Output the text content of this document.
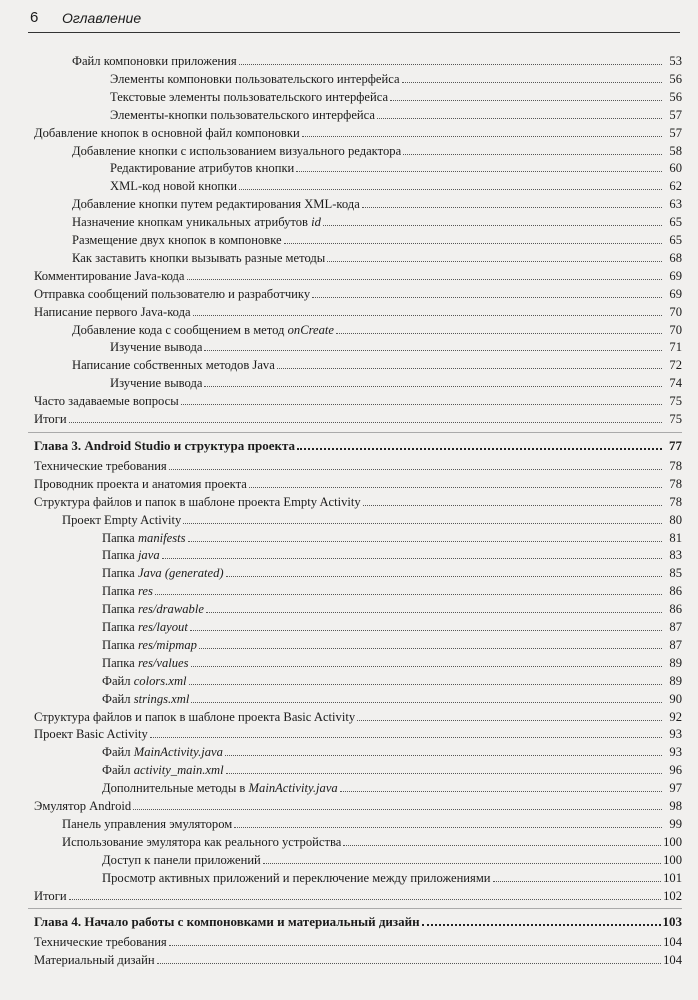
6 Оглавление
Файл компоновки приложения	53
Элементы компоновки пользовательского интерфейса	56
Текстовые элементы пользовательского интерфейса	56
Элементы-кнопки пользовательского интерфейса	57
Добавление кнопок в основной файл компоновки	57
Добавление кнопки с использованием визуального редактора	58
Редактирование атрибутов кнопки	60
XML-код новой кнопки	62
Добавление кнопки путем редактирования XML-кода	63
Назначение кнопкам уникальных атрибутов id	65
Размещение двух кнопок в компоновке	65
Как заставить кнопки вызывать разные методы	68
Комментирование Java-кода	69
Отправка сообщений пользователю и разработчику	69
Написание первого Java-кода	70
Добавление кода с сообщением в метод onCreate	70
Изучение вывода	71
Написание собственных методов Java	72
Изучение вывода	74
Часто задаваемые вопросы	75
Итоги	75
Глава 3. Android Studio и структура проекта	77
Технические требования	78
Проводник проекта и анатомия проекта	78
Структура файлов и папок в шаблоне проекта Empty Activity	78
Проект Empty Activity	80
Папка manifests	81
Папка java	83
Папка Java (generated)	85
Папка res	86
Папка res/drawable	86
Папка res/layout	87
Папка res/mipmap	87
Папка res/values	89
Файл colors.xml	89
Файл strings.xml	90
Структура файлов и папок в шаблоне проекта Basic Activity	92
Проект Basic Activity	93
Файл MainActivity.java	93
Файл activity_main.xml	96
Дополнительные методы в MainActivity.java	97
Эмулятор Android	98
Панель управления эмулятором	99
Использование эмулятора как реального устройства	100
Доступ к панели приложений	100
Просмотр активных приложений и переключение между приложениями	101
Итоги	102
Глава 4. Начало работы с компоновками и материальный дизайн	103
Технические требования	104
Материальный дизайн	104
